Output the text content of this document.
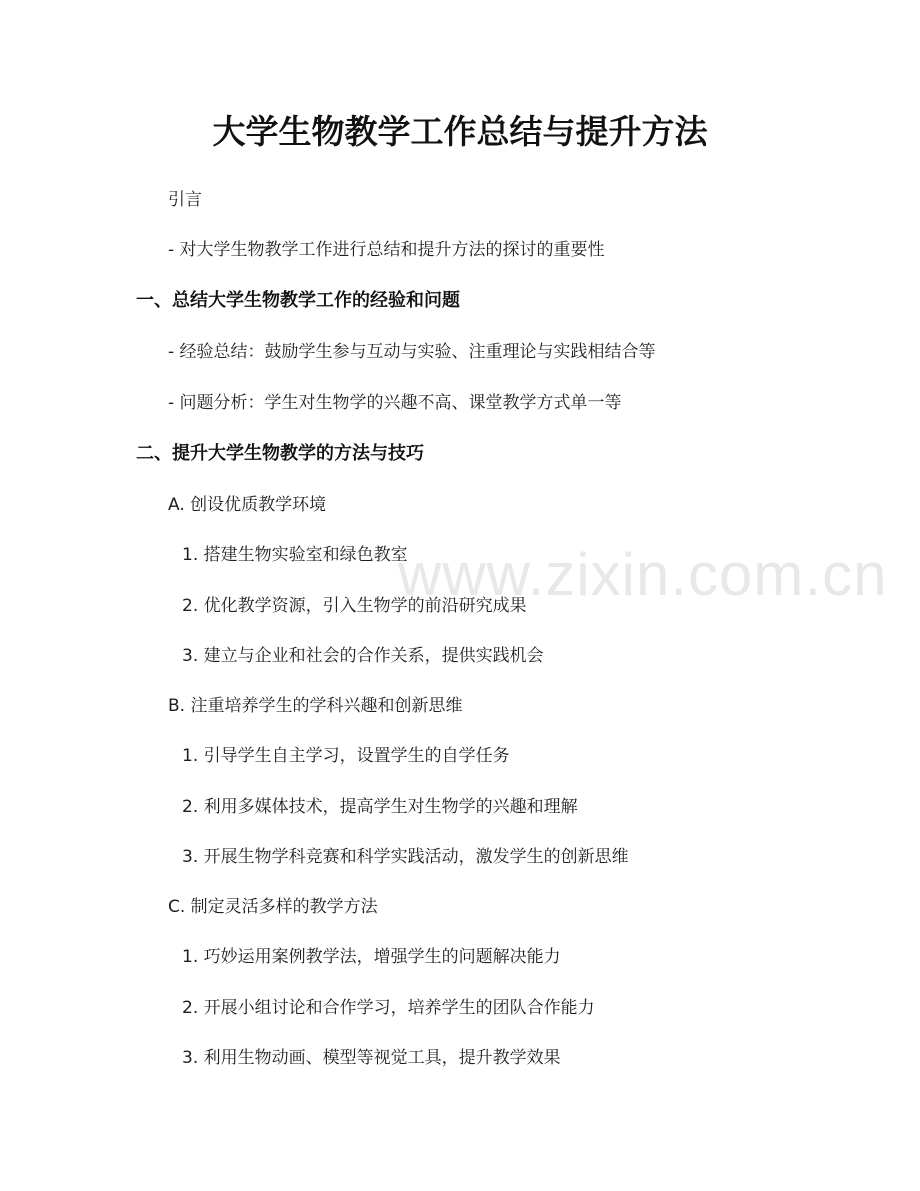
大学生物教学工作总结与提升方法

引言

- 对大学生物教学工作进行总结和提升方法的探讨的重要性

一、总结大学生物教学工作的经验和问题

- 经验总结：鼓励学生参与互动与实验、注重理论与实践相结合等

- 问题分析：学生对生物学的兴趣不高、课堂教学方式单一等

二、提升大学生物教学的方法与技巧

A. 创设优质教学环境

1. 搭建生物实验室和绿色教室

2. 优化教学资源，引入生物学的前沿研究成果

3. 建立与企业和社会的合作关系，提供实践机会

B. 注重培养学生的学科兴趣和创新思维

1. 引导学生自主学习，设置学生的自学任务

2. 利用多媒体技术，提高学生对生物学的兴趣和理解

3. 开展生物学科竞赛和科学实践活动，激发学生的创新思维

C. 制定灵活多样的教学方法

1. 巧妙运用案例教学法，增强学生的问题解决能力

2. 开展小组讨论和合作学习，培养学生的团队合作能力

3. 利用生物动画、模型等视觉工具，提升教学效果

www.zixin.com.cn
